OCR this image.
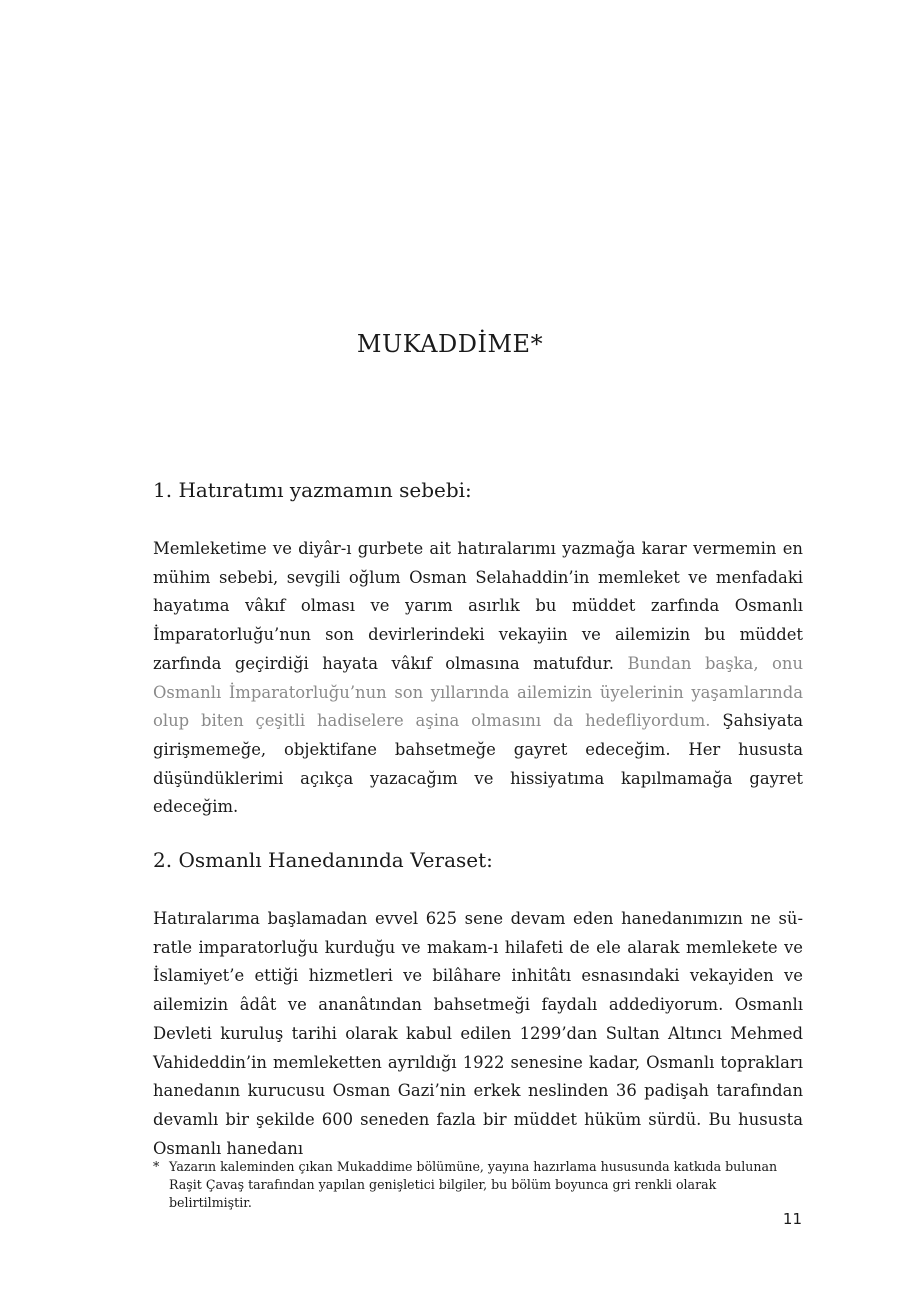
MUKADDİME*
1. Hatıratımı yazmamın sebebi:

Memleketime ve diyâr-ı gurbete ait hatıralarımı yazmağa karar vermemin en mühim sebebi, sevgili oğlum Osman Selahaddin’in memleket ve menfadaki hayatıma vâkıf olması ve yarım asırlık bu müddet zarfında Osmanlı İmparatorluğu’nun son devirlerindeki vekayiin ve ailemizin bu müddet zarfında geçirdiği hayata vâkıf olmasına matufdur. Bundan başka, onu Osmanlı İmparatorluğu’nun son yıllarında ailemizin üyelerinin yaşamlarında olup biten çeşitli hadiselere aşina olmasını da hedefliyordum. Şahsiyata girişmemeğe, objektifane bahsetmeğe gayret edeceğim. Her hususta düşündüklerimi açıkça yazacağım ve hissiyatıma kapılmamağa gayret edeceğim.

2. Osmanlı Hanedanında Veraset:

Hatıralarıma başlamadan evvel 625 sene devam eden hanedanımızın ne süratle imparatorluğu kurduğu ve makam-ı hilafeti de ele alarak memlekete ve İslamiyet’e ettiği hizmetleri ve bilâhare inhitâtı esnasındaki vekayiden ve ailemizin âdât ve ananâtından bahsetmeği faydalı addediyorum. Osmanlı Devleti kuruluş tarihi olarak kabul edilen 1299’dan Sultan Altıncı Mehmed Vahideddin’in memleketten ayrıldığı 1922 senesine kadar, Osmanlı toprakları hanedanın kurucusu Osman Gazi’nin erkek neslinden 36 padişah tarafından devamlı bir şekilde 600 seneden fazla bir müddet hüküm sürdü. Bu hususta Osmanlı hanedanı

* Yazarın kaleminden çıkan Mukaddime bölümüne, yayına hazırlama hususunda katkıda bulunan Raşit Çavaş tarafından yapılan genişletici bilgiler, bu bölüm boyunca gri renkli olarak belirtilmiştir.

11
